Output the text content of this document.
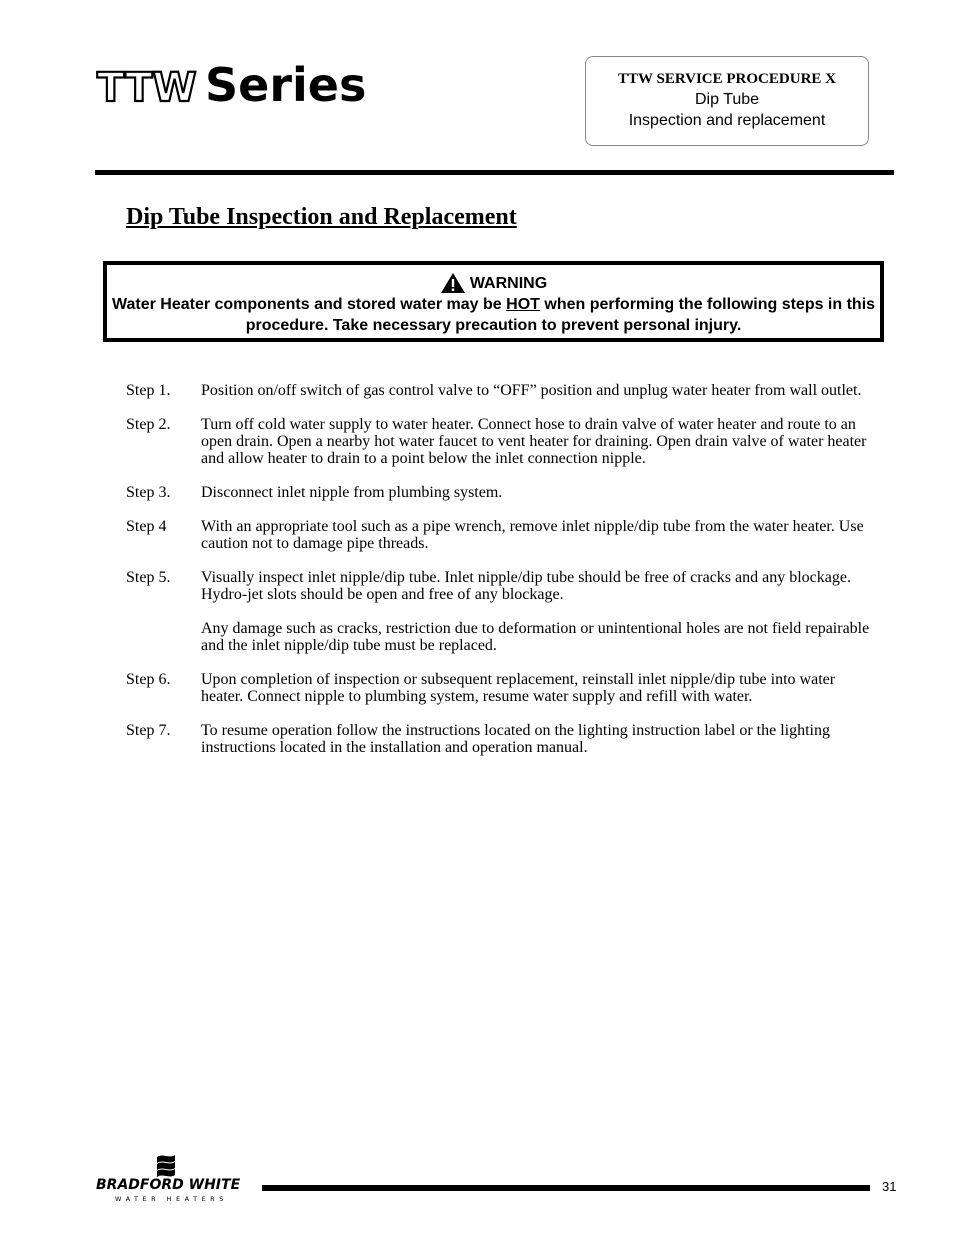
TTW Series	TTW SERVICE PROCEDURE X
Dip Tube
Inspection and replacement
Dip Tube Inspection and Replacement
WARNING
Water Heater components and stored water may be HOT when performing the following steps in this procedure. Take necessary precaution to prevent personal injury.
Step 1.	Position on/off switch of gas control valve to “OFF” position and unplug water heater from wall outlet.

Step 2.	Turn off cold water supply to water heater. Connect hose to drain valve of water heater and route to an open drain. Open a nearby hot water faucet to vent heater for draining. Open drain valve of water heater and allow heater to drain to a point below the inlet connection nipple.

Step 3.	Disconnect inlet nipple from plumbing system.

Step 4	With an appropriate tool such as a pipe wrench, remove inlet nipple/dip tube from the water heater. Use caution not to damage pipe threads.

Step 5.	Visually inspect inlet nipple/dip tube. Inlet nipple/dip tube should be free of cracks and any blockage. Hydro-jet slots should be open and free of any blockage.

Any damage such as cracks, restriction due to deformation or unintentional holes are not field repairable and the inlet nipple/dip tube must be replaced.

Step 6.	Upon completion of inspection or subsequent replacement, reinstall inlet nipple/dip tube into water heater. Connect nipple to plumbing system, resume water supply and refill with water.

Step 7.	To resume operation follow the instructions located on the lighting instruction label or the lighting instructions located in the installation and operation manual.

BRADFORD WHITE
WATER HEATERS
31
